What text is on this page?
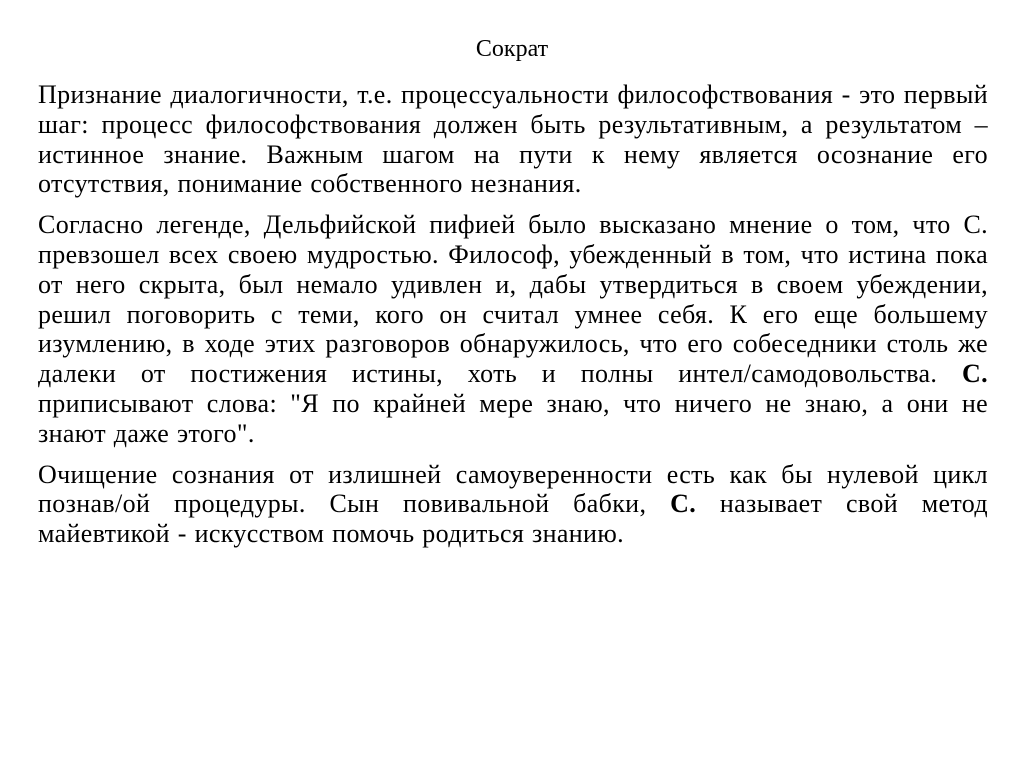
Сократ

Признание диалогичности, т.е. процессуальности философствования - это первый шаг: процесс философствования должен быть результативным, а результатом – истинное знание. Важным шагом на пути к нему является осознание его отсутствия, понимание собственного незнания.

Согласно легенде, Дельфийской пифией было высказано мнение о том, что С. превзошел всех своею мудростью. Философ, убежденный в том, что истина пока от него скрыта, был немало удивлен и, дабы утвердиться в своем убеждении, решил поговорить с теми, кого он считал умнее себя. К его еще большему изумлению, в ходе этих разговоров обнаружилось, что его собеседники столь же далеки от постижения истины, хоть и полны интел/самодовольства. С. приписывают слова: "Я по крайней мере знаю, что ничего не знаю, а они не знают даже этого".

Очищение сознания от излишней самоуверенности есть как бы нулевой цикл познав/ой процедуры. Сын повивальной бабки, С. называет свой метод майевтикой - искусством помочь родиться знанию.
